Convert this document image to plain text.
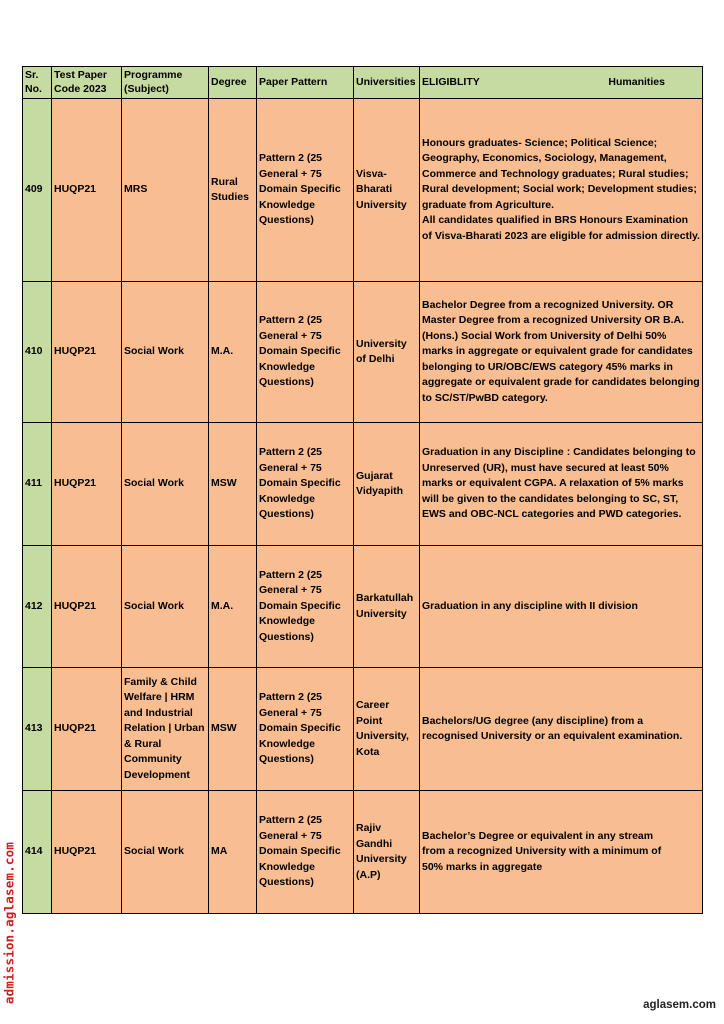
Sr. No.	Test Paper Code 2023	Programme (Subject)	Degree	Paper Pattern	Universities	ELIGIBLITY Humanities

409	HUQP21	MRS	Rural Studies	Pattern 2 (25 General + 75 Domain Specific Knowledge Questions)	Visva-Bharati University	Honours graduates- Science; Political Science; Geography, Economics, Sociology, Management, Commerce and Technology graduates; Rural studies; Rural development; Social work; Development studies; graduate from Agriculture.
All candidates qualified in BRS Honours Examination of Visva-Bharati 2023 are eligible for admission directly.

410	HUQP21	Social Work	M.A.	Pattern 2 (25 General + 75 Domain Specific Knowledge Questions)	University of Delhi	Bachelor Degree from a recognized University. OR Master Degree from a recognized University OR B.A. (Hons.) Social Work from University of Delhi 50% marks in aggregate or equivalent grade for candidates belonging to UR/OBC/EWS category 45% marks in aggregate or equivalent grade for candidates belonging to SC/ST/PwBD category.
411	HUQP21	Social Work	MSW	Pattern 2 (25 General + 75 Domain Specific Knowledge Questions)	Gujarat Vidyapith	Graduation in any Discipline : Candidates belonging to Unreserved (UR), must have secured at least 50% marks or equivalent CGPA. A relaxation of 5% marks will be given to the candidates belonging to SC, ST, EWS and OBC-NCL categories and PWD categories.
412	HUQP21	Social Work	M.A.	Pattern 2 (25 General + 75 Domain Specific Knowledge Questions)	Barkatullah University	Graduation in any discipline with II division
413	HUQP21	Family & Child Welfare | HRM and Industrial Relation | Urban & Rural Community Development	MSW	Pattern 2 (25 General + 75 Domain Specific Knowledge Questions)	Career Point University, Kota	Bachelors/UG degree (any discipline) from a recognised University or an equivalent examination.
414	HUQP21	Social Work	MA	Pattern 2 (25 General + 75 Domain Specific Knowledge Questions)	Rajiv Gandhi University (A.P)	Bachelor’s Degree or equivalent in any stream from a recognized University with a minimum of 50% marks in aggregate
admission.aglasem.com
aglasem.com
